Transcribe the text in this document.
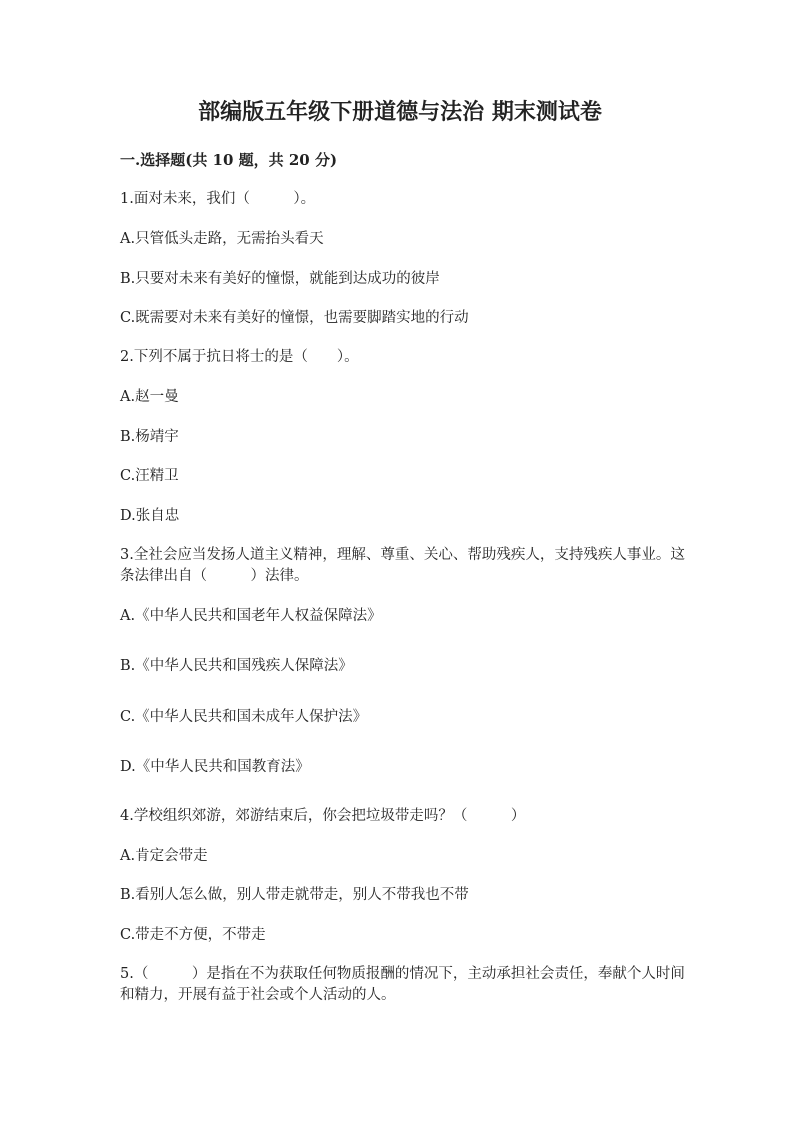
部编版五年级下册道德与法治 期末测试卷
一.选择题(共 10 题，共 20 分)
1.面对未来，我们（　　　）。
A.只管低头走路，无需抬头看天
B.只要对未来有美好的憧憬，就能到达成功的彼岸
C.既需要对未来有美好的憧憬，也需要脚踏实地的行动
2.下列不属于抗日将士的是（　　）。
A.赵一曼
B.杨靖宇
C.汪精卫
D.张自忠
3.全社会应当发扬人道主义精神，理解、尊重、关心、帮助残疾人，支持残疾人事业。这条法律出自（　　　）法律。
A.《中华人民共和国老年人权益保障法》
B.《中华人民共和国残疾人保障法》
C.《中华人民共和国未成年人保护法》
D.《中华人民共和国教育法》
4.学校组织郊游，郊游结束后，你会把垃圾带走吗？（　　　）
A.肯定会带走
B.看别人怎么做，别人带走就带走，别人不带我也不带
C.带走不方便，不带走
5.（　　　）是指在不为获取任何物质报酬的情况下，主动承担社会责任，奉献个人时间和精力，开展有益于社会或个人活动的人。
